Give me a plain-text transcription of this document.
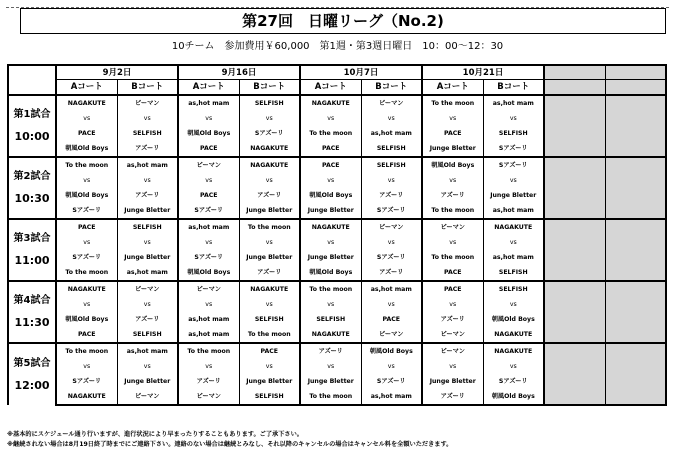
第27回　日曜リーグ（No.2)
10チーム　参加費用￥60,000　第1週・第3週日曜日　10：00～12：30
	9月2日		9月16日		10月7日		10月21日			
	Aコート	Bコート	Aコート	Bコート	Aコート	Bコート	Aコート	Bコート		
第1試合
10:00	NAGAKUTE	ピーマン	as,hot mam	SELFISH	NAGAKUTE	ピーマン	To the moon	as,hot mam		
	vs	vs	vs	vs	vs	vs	vs	vs		
	PACE	SELFISH	朝風Old Boys	Sアズーリ	To the moon	as,hot mam	PACE	SELFISH		
	朝風Old Boys	アズーリ	PACE	NAGAKUTE	PACE	SELFISH	Junge Bletter	Sアズーリ		
第2試合
10:30	To the moon	as,hot mam	ピーマン	NAGAKUTE	PACE	SELFISH	朝風Old Boys	Sアズーリ		
	vs	vs	vs	vs	vs	vs	vs	vs		
	朝風Old Boys	アズーリ	PACE	アズーリ	朝風Old Boys	アズーリ	アズーリ	Junge Bletter		
	Sアズーリ	Junge Bletter	Sアズーリ	Junge Bletter	Junge Bletter	Sアズーリ	To the moon	as,hot mam		
第3試合
11:00	PACE	SELFISH	as,hot mam	To the moon	NAGAKUTE	ピーマン	ピーマン	NAGAKUTE		
	vs	vs	vs	vs	vs	vs	vs	vs		
	Sアズーリ	Junge Bletter	Sアズーリ	Junge Bletter	Junge Bletter	Sアズーリ	To the moon	as,hot mam		
	To the moon	as,hot mam	朝風Old Boys	アズーリ	朝風Old Boys	アズーリ	PACE	SELFISH		
第4試合
11:30	NAGAKUTE	ピーマン	ピーマン	NAGAKUTE	To the moon	as,hot mam	PACE	SELFISH		
	vs	vs	vs	vs	vs	vs	vs	vs		
	朝風Old Boys	アズーリ	as,hot mam	SELFISH	SELFISH	PACE	アズーリ	朝風Old Boys		
	PACE	SELFISH	as,hot mam	To the moon	NAGAKUTE	ピーマン	ピーマン	NAGAKUTE		
第5試合
12:00	To the moon	as,hot mam	To the moon	PACE	アズーリ	朝風Old Boys	ピーマン	NAGAKUTE		
	vs	vs	vs	vs	vs	vs	vs	vs		
	Sアズーリ	Junge Bletter	アズーリ	Junge Bletter	Junge Bletter	Sアズーリ	Junge Bletter	Sアズーリ		
	NAGAKUTE	ピーマン	ピーマン	SELFISH	To the moon	as,hot mam	アズーリ	朝風Old Boys		
※基本的にスケジュール通り行いますが、進行状況により早まったりすることもあります。ご了承下さい。
※継続されない場合は8月19日終了時までにご連絡下さい。連絡のない場合は継続とみなし、それ以降のキャンセルの場合はキャンセル料を全額いただきます。
